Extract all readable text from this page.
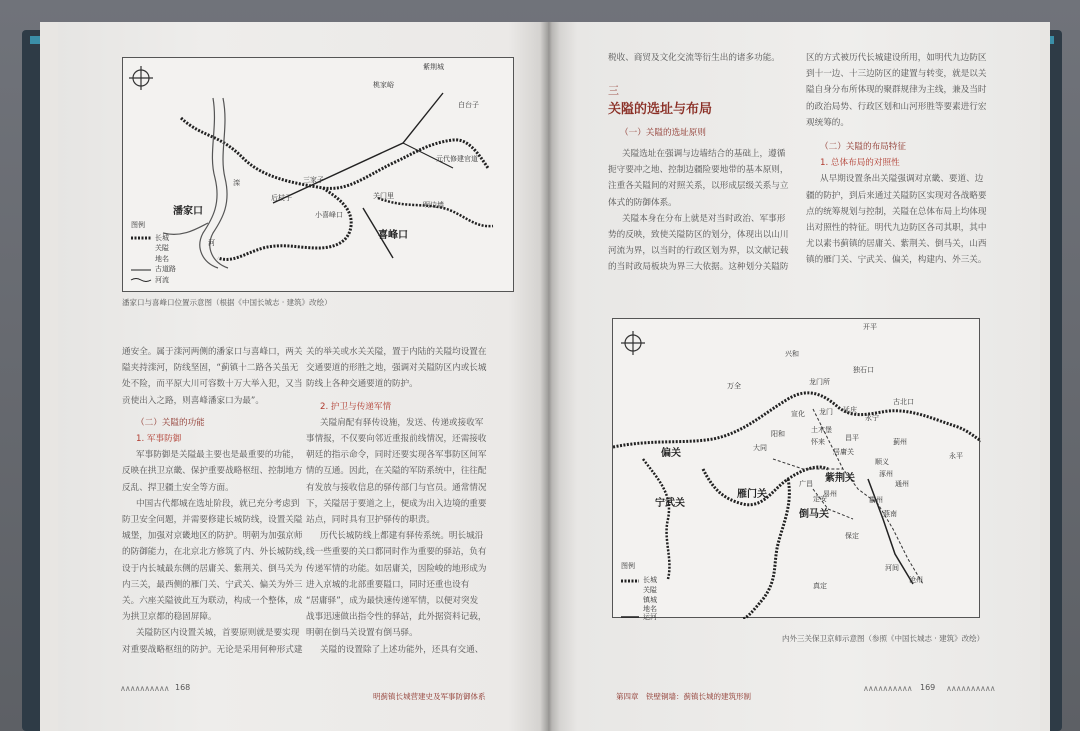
紫荆城
桃家峪
白台子
元代修建官道
三家子
后杖子
潘家口	小喜峰口
关门里
明边墙
喜峰口
河
滦
图例
长城
关隘
地名
古道路
河流
潘家口与喜峰口位置示意图（根据《中国长城志 · 建筑》改绘）

通安全。属于滦河两侧的潘家口与喜峰口，两关

隘夹持滦河，防线坚固，“蓟镇十二路各关虽无

处不险，而平原大川可容数十万大举入犯，又当

贡使出入之路，则喜峰潘家口为最”。

（二）关隘的功能

1. 军事防御

军事防御是关隘最主要也是最重要的功能，

反映在拱卫京畿、保护重要战略枢纽、控制地方

反乱、捍卫疆土安全等方面。

中国古代都城在选址阶段，就已充分考虑到

防卫安全问题，并需要修建长城防线，设置关隘

城堡，加强对京畿地区的防护。明朝为加强京师

的防御能力，在北京北方修筑了内、外长城防线，

设于内长城最东侧的居庸关、紫荆关、倒马关为

内三关，最西侧的雁门关、宁武关、偏关为外三

关。六座关隘彼此互为联动，构成一个整体，成

为拱卫京都的稳固屏障。

关隘防区内设置关城，首要原则就是要实现

对重要战略枢纽的防护。无论是采用何种形式建

关的举关或水关关隘，置于内陆的关隘均设置在

交通要道的形胜之地，强调对关隘防区内或长城

防线上各种交通要道的防护。

2. 护卫与传递军情

关隘肩配有驿传设施，发送、传递或接收军

事情报，不仅要向邻近重报前线情况，还需接收

朝廷的指示命令，同时还要实现各军事防区间军

情的互通。因此，在关隘的军防系统中，往往配

有发放与接收信息的驿传部门与官员。通常情况

下，关隘居于要道之上，便成为出入边境的重要

站点，同时具有卫护驿传的职责。

历代长城防线上都建有驿传系统。明长城沿

线一些重要的关口都同时作为重要的驿站，负有

传递军情的功能。如居庸关，因险峻的地形成为

进入京城的北部重要隘口，同时还重也设有

“居庸驿”，成为最快速传递军情，以便对突发

战事迅速做出指令性的驿站，此外据资料记载，

明朝在倒马关设置有倒马驿。

关隘的设置除了上述功能外，还具有交通、

∧∧∧∧∧∧∧∧∧∧ 168
明蓟镇长城营建史及军事防御体系
税收、商贸及文化交流等衍生出的诸多功能。
三
关隘的选址与布局
（一）关隘的选址原则

关隘选址在强调与边墙结合的基础上，遵循

扼守要冲之地、控制边疆险要地带的基本原则，

注重各关隘间的对照关系，以形成层级关系与立

体式的防御体系。

关隘本身在分布上就是对当时政治、军事形

势的反映，致使关隘防区的划分，体现出以山川

河流为界，以当时的行政区划为界，以文献记载

的当时政局板块为界三大依据。这种划分关隘防

区的方式被历代长城建设所用，如明代九边防区

到十一边、十三边防区的建置与转变，就是以关

隘自身分布所体现的聚群规律为主线，兼及当时

的政治局势、行政区划和山河形胜等要素进行宏

观统筹的。

（二）关隘的布局特征

1. 总体布局的对照性

从早期设置条出关隘强调对京畿、要道、边

疆的防护，到后来通过关隘防区实现对各战略要

点的统筹规划与控制，关隘在总体布局上均体现

出对照性的特征。明代九边防区各司其职，其中

尤以素书蓟镇的居庸关、紫荆关、倒马关，山西

镇的雁门关、宁武关、偏关，构建内、外三关。

开平
兴和
独石口
龙门所
宣化 龙门 延庆
永宁
古北口
土木堡
怀来
居庸关
昌平	蓟州
永平
万全
大同
阳和
偏关
宁武关
雁门关
紫荆关
广昌
易州
涿州
倒马关
保定
真定
河间
沧州
定安
燕南
霸州
顺义
通州
图例
长城
关隘
镇城
地名
运河
内外三关保卫京师示意图（参照《中国长城志 · 建筑》改绘）
第四章　铁壁铜墙：蓟镇长城的建筑形制
∧∧∧∧∧∧∧∧∧∧ 169 ∧∧∧∧∧∧∧∧∧∧
